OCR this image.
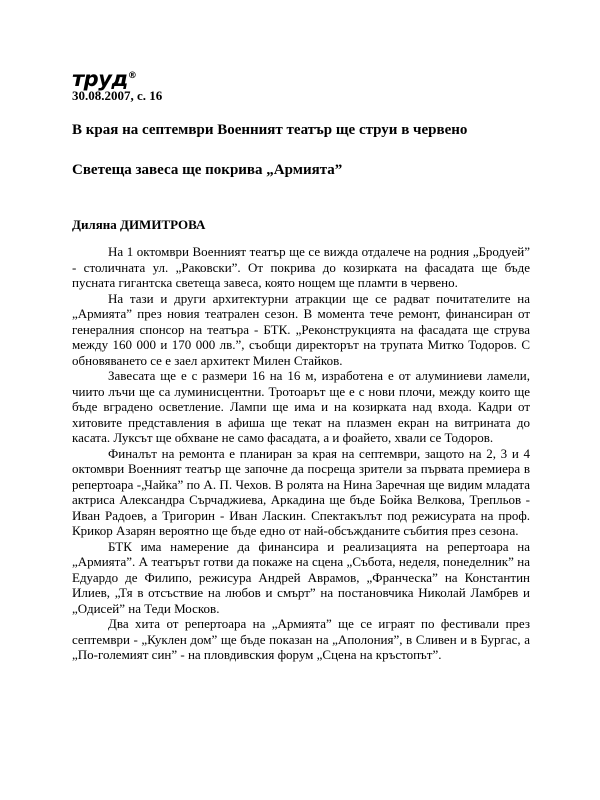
труд®

30.08.2007, с. 16

В края на септември Военният театър ще струи в червено
Светеща завеса ще покрива „Армията”

Диляна ДИМИТРОВА

На 1 октомври Военният театър ще се вижда отдалече на родния „Бродуей” - столичната ул. „Раковски”. От покрива до козирката на фасадата ще бъде пусната гигантска светеща завеса, която нощем ще пламти в червено.

На тази и други архитектурни атракции ще се радват почитателите на „Армията” през новия театрален сезон. В момента тече ремонт, финансиран от генералния спонсор на театъра - БТК. „Реконструкцията на фасадата ще струва между 160 000 и 170 000 лв.”, съобщи директорът на трупата Митко Тодоров. С обновяването се е заел архитект Милен Стайков.

Завесата ще е с размери 16 на 16 м, изработена е от алуминиеви ламели, чиито лъчи ще са луминисцентни. Тротоарът ще е с нови плочи, между които ще бъде вградено осветление. Лампи ще има и на козирката над входа. Кадри от хитовите представления в афиша ще текат на плазмен екран на витрината до касата. Луксът ще обхване не само фасадата, а и фоайето, хвали се Тодоров.

Финалът на ремонта е планиран за края на септември, защото на 2, 3 и 4 октомври Военният театър ще започне да посреща зрители за първата премиера в репертоара -„Чайка” по А. П. Чехов. В ролята на Нина Заречная ще видим младата актриса Александра Сърчаджиева, Аркадина ще бъде Бойка Велкова, Трепльов - Иван Радоев, а Тригорин - Иван Ласкин. Спектакълът под режисурата на проф. Крикор Азарян вероятно ще бъде едно от най-обсъжданите събития през сезона.

БТК има намерение да финансира и реализацията на репертоара на „Армията”. А театърът готви да покаже на сцена „Събота, неделя, понеделник” на Едуардо де Филипо, режисура Андрей Аврамов, „Франческа” на Константин Илиев, „Тя в отсъствие на любов и смърт” на постановчика Николай Ламбрев и „Одисей” на Теди Москов.

Два хита от репертоара на „Армията” ще се играят по фестивали през септември - „Куклен дом” ще бъде показан на „Аполония”, в Сливен и в Бургас, а „По-големият син” - на пловдивския форум „Сцена на кръстопът”.
